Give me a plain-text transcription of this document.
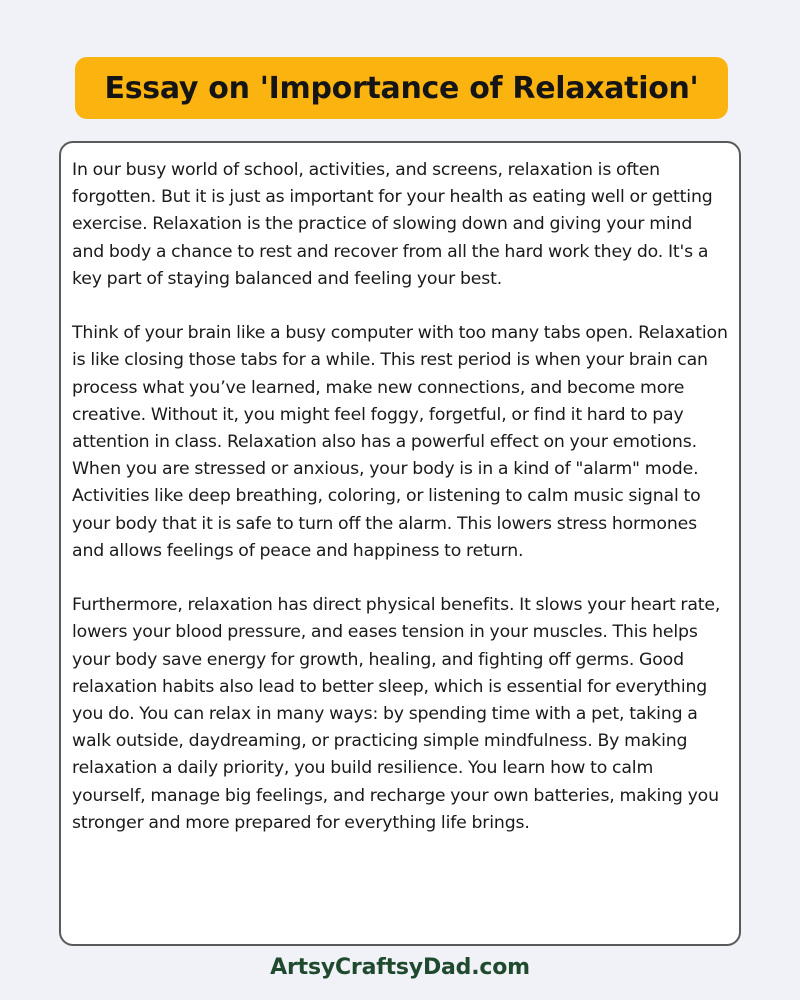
Essay on 'Importance of Relaxation'

In our busy world of school, activities, and screens, relaxation is often forgotten. But it is just as important for your health as eating well or getting exercise. Relaxation is the practice of slowing down and giving your mind and body a chance to rest and recover from all the hard work they do. It's a key part of staying balanced and feeling your best.

Think of your brain like a busy computer with too many tabs open. Relaxation is like closing those tabs for a while. This rest period is when your brain can process what you’ve learned, make new connections, and become more creative. Without it, you might feel foggy, forgetful, or find it hard to pay attention in class. Relaxation also has a powerful effect on your emotions. When you are stressed or anxious, your body is in a kind of "alarm" mode. Activities like deep breathing, coloring, or listening to calm music signal to your body that it is safe to turn off the alarm. This lowers stress hormones and allows feelings of peace and happiness to return.

Furthermore, relaxation has direct physical benefits. It slows your heart rate, lowers your blood pressure, and eases tension in your muscles. This helps your body save energy for growth, healing, and fighting off germs. Good relaxation habits also lead to better sleep, which is essential for everything you do. You can relax in many ways: by spending time with a pet, taking a walk outside, daydreaming, or practicing simple mindfulness. By making relaxation a daily priority, you build resilience. You learn how to calm yourself, manage big feelings, and recharge your own batteries, making you stronger and more prepared for everything life brings.

ArtsyCraftsyDad.com
